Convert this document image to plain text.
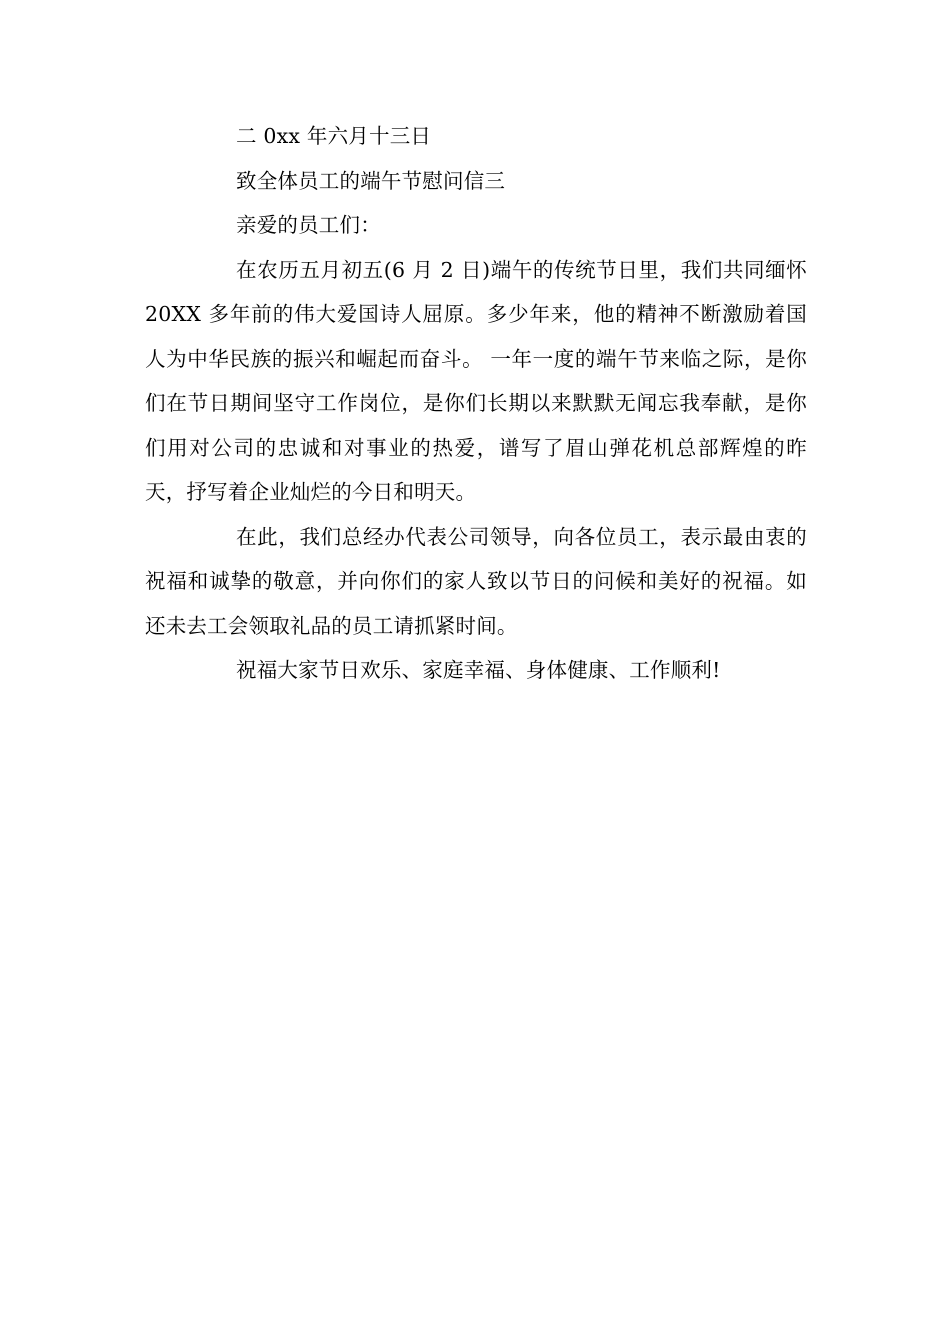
二 0xx 年六月十三日

致全体员工的端午节慰问信三

亲爱的员工们：

在农历五月初五(6 月 2 日)端午的传统节日里，我们共同缅怀 20XX 多年前的伟大爱国诗人屈原。多少年来，他的精神不断激励着国人为中华民族的振兴和崛起而奋斗。 一年一度的端午节来临之际，是你们在节日期间坚守工作岗位，是你们长期以来默默无闻忘我奉献，是你们用对公司的忠诚和对事业的热爱，谱写了眉山弹花机总部辉煌的昨天，抒写着企业灿烂的今日和明天。

在此，我们总经办代表公司领导，向各位员工，表示最由衷的祝福和诚挚的敬意，并向你们的家人致以节日的问候和美好的祝福。如还未去工会领取礼品的员工请抓紧时间。

祝福大家节日欢乐、家庭幸福、身体健康、工作顺利!
